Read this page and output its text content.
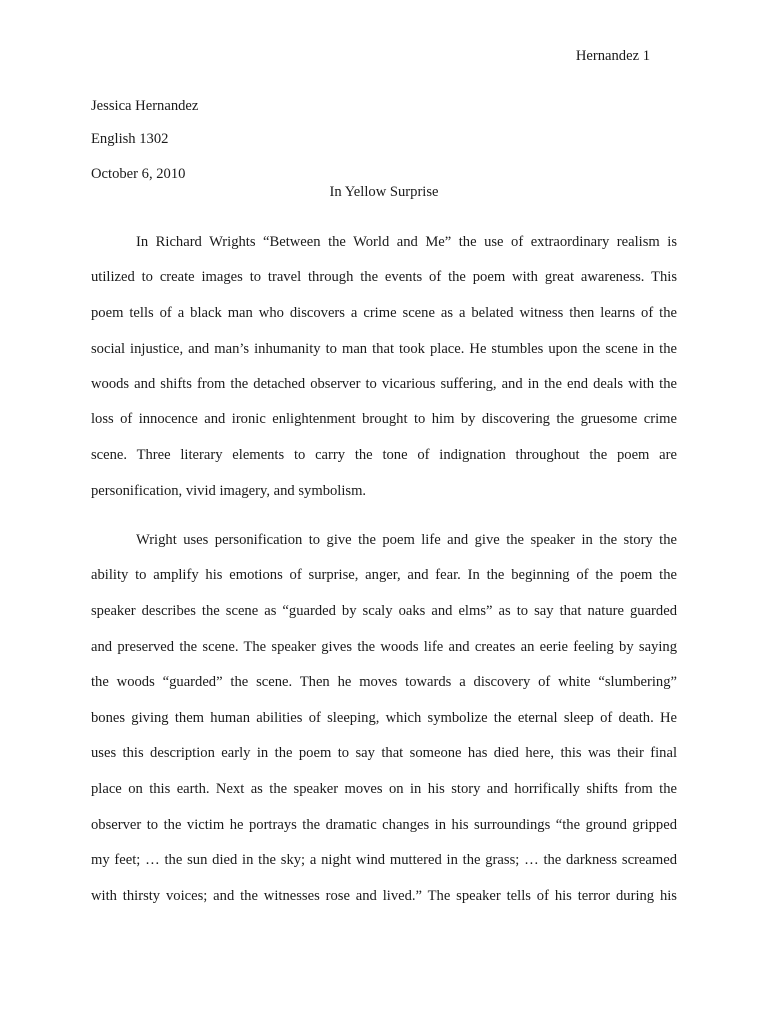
Hernandez 1
Jessica Hernandez
English 1302
October 6, 2010
In Yellow Surprise
In Richard Wrights “Between the World and Me” the use of extraordinary realism is
utilized to create images to travel through the events of the poem with great awareness. This
poem tells of a black man who discovers a crime scene as a belated witness then learns of the
social injustice, and man’s inhumanity to man that took place. He stumbles upon the scene in the
woods and shifts from the detached observer to vicarious suffering, and in the end deals with the
loss of innocence and ironic enlightenment brought to him by discovering the gruesome crime
scene. Three literary elements to carry the tone of indignation throughout the poem are
personification, vivid imagery, and symbolism.
Wright uses personification to give the poem life and give the speaker in the story the
ability to amplify his emotions of surprise, anger, and fear. In the beginning of the poem the
speaker describes the scene as “guarded by scaly oaks and elms” as to say that nature guarded
and preserved the scene. The speaker gives the woods life and creates an eerie feeling by saying
the woods “guarded” the scene. Then he moves towards a discovery of white “slumbering”
bones giving them human abilities of sleeping, which symbolize the eternal sleep of death. He
uses this description early in the poem to say that someone has died here, this was their final
place on this earth. Next as the speaker moves on in his story and horrifically shifts from the
observer to the victim he portrays the dramatic changes in his surroundings “the ground gripped
my feet; … the sun died in the sky; a night wind muttered in the grass; … the darkness screamed
with thirsty voices; and the witnesses rose and lived.” The speaker tells of his terror during his
